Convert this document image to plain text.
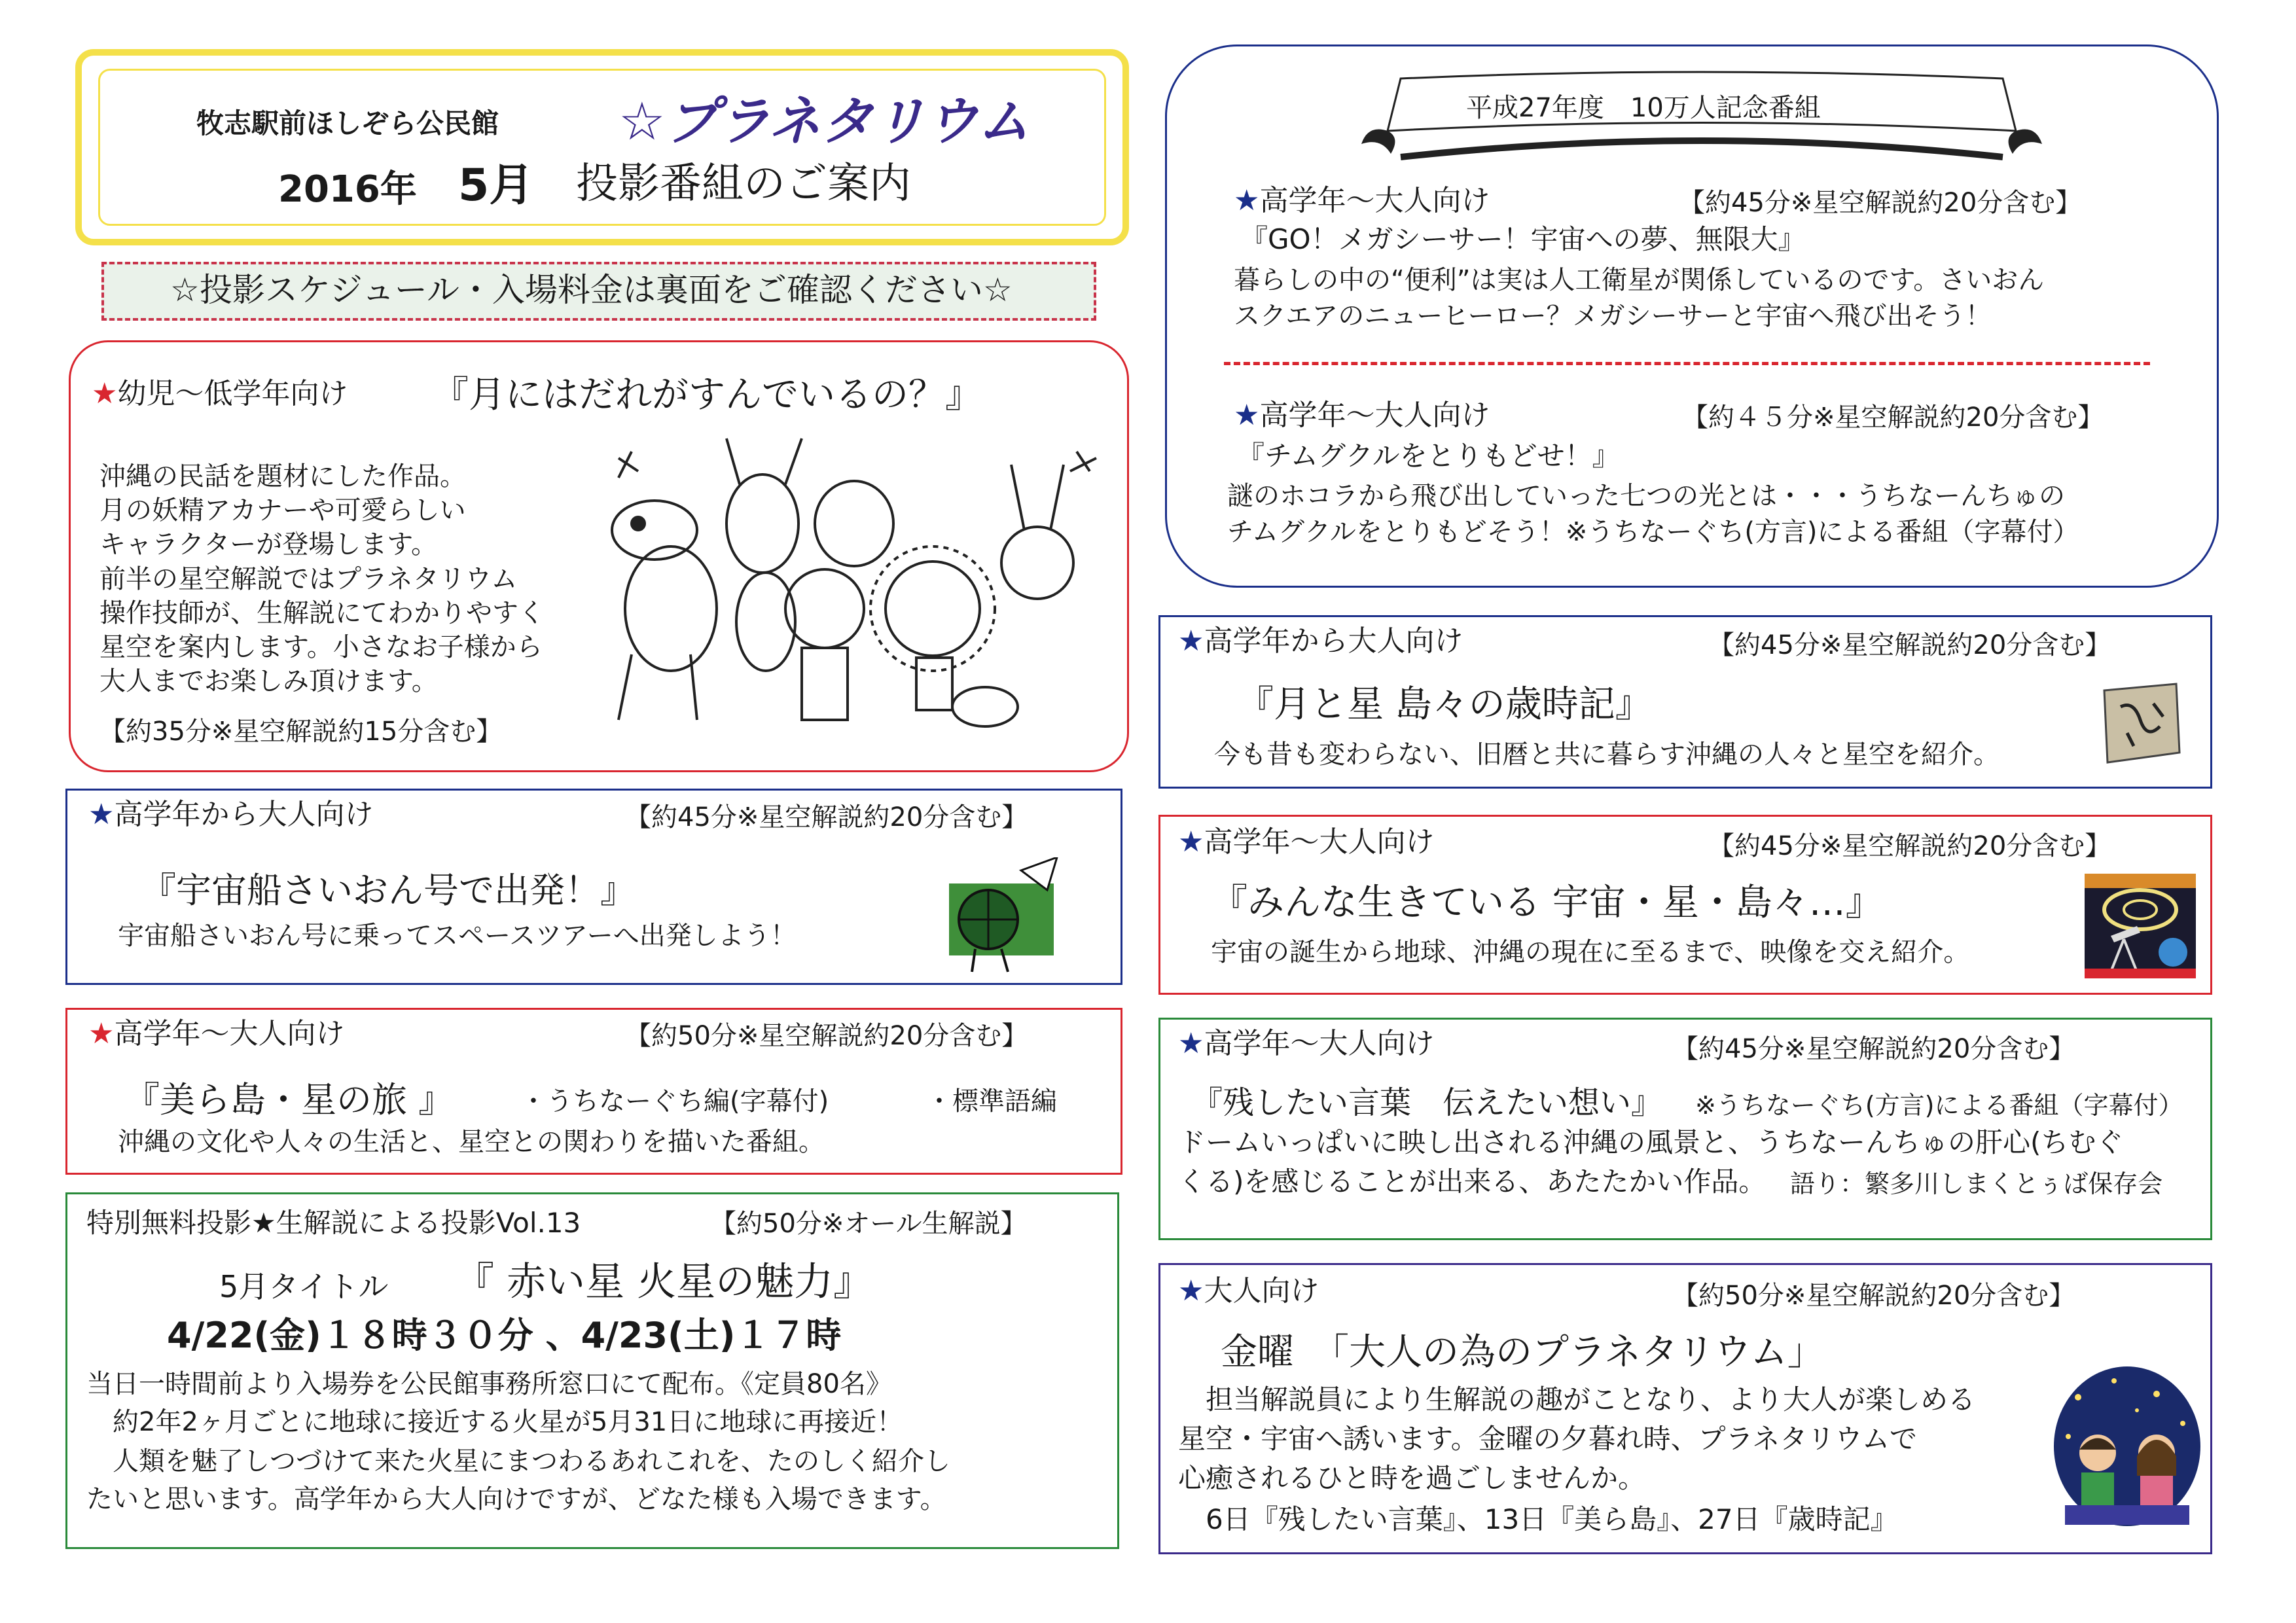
牧志駅前ほしぞら公民館 ☆プラネタリウム
2016年 5月 投影番組のご案内
☆投影スケジュール・入場料金は裏面をご確認ください☆
★幼児～低学年向け 『月にはだれがすんでいるの？』
沖縄の民話を題材にした作品。
月の妖精アカナーや可愛らしい
キャラクターが登場します。
前半の星空解説ではプラネタリウム
操作技師が、生解説にてわかりやすく
星空を案内します。小さなお子様から
大人までお楽しみ頂けます。
【約35分※星空解説約15分含む】
★高学年から大人向け	【約45分※星空解説約20分含む】
『宇宙船さいおん号で出発！』
宇宙船さいおん号に乗ってスペースツアーへ出発しよう！
★高学年～大人向け	【約50分※星空解説約20分含む】
『美ら島・星の旅 』	・うちなーぐち編(字幕付)	・標準語編
沖縄の文化や人々の生活と、星空との関わりを描いた番組。
特別無料投影★生解説による投影Vol.13	【約50分※オール生解説】
5月タイトル 『 赤い星 火星の魅力』
4/22(金)１８時３０分 、4/23(土)１７時
当日一時間前より入場券を公民館事務所窓口にて配布。《定員80名》
　約2年2ヶ月ごとに地球に接近する火星が5月31日に地球に再接近！
　人類を魅了しつづけて来た火星にまつわるあれこれを、たのしく紹介し
たいと思います。高学年から大人向けですが、どなた様も入場できます。
平成27年度　10万人記念番組
★高学年～大人向け	【約45分※星空解説約20分含む】
『GO！メガシーサー！宇宙への夢、無限大』
暮らしの中の“便利”は実は人工衛星が関係しているのです。さいおん
スクエアのニューヒーロー？メガシーサーと宇宙へ飛び出そう！
★高学年～大人向け	【約４５分※星空解説約20分含む】
『チムグクルをとりもどせ！』
謎のホコラから飛び出していった七つの光とは・・・うちなーんちゅの
チムグクルをとりもどそう！※うちなーぐち(方言)による番組（字幕付）
★高学年から大人向け	【約45分※星空解説約20分含む】
『月と星 島々の歳時記』
今も昔も変わらない、旧暦と共に暮らす沖縄の人々と星空を紹介。
★高学年～大人向け	【約45分※星空解説約20分含む】
『みんな生きている 宇宙・星・島々…』
宇宙の誕生から地球、沖縄の現在に至るまで、映像を交え紹介。
★高学年～大人向け	【約45分※星空解説約20分含む】
『残したい言葉　伝えたい想い』 ※うちなーぐち(方言)による番組（字幕付）
ドームいっぱいに映し出される沖縄の風景と、うちなーんちゅの肝心(ちむぐ
くる)を感じることが出来る、あたたかい作品。 語り：繁多川しまくとぅば保存会
★大人向け	【約50分※星空解説約20分含む】
金曜　「大人の為のプラネタリウム」
　担当解説員により生解説の趣がことなり、より大人が楽しめる
星空・宇宙へ誘います。金曜の夕暮れ時、プラネタリウムで
心癒されるひと時を過ごしませんか。
　6日『残したい言葉』、13日『美ら島』、27日『歳時記』
